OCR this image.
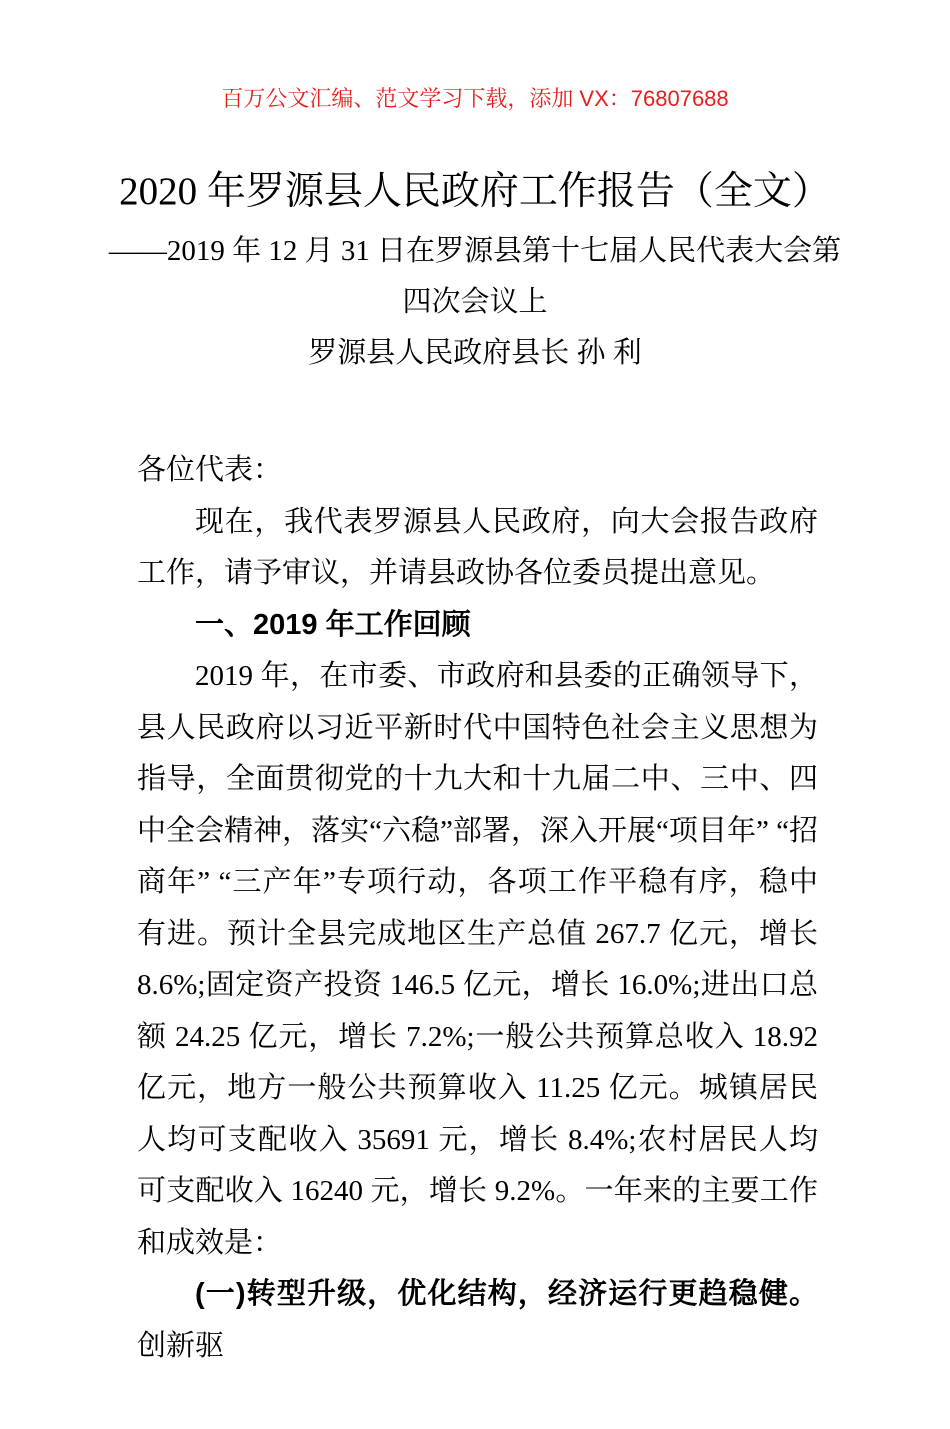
百万公文汇编、范文学习下载，添加 VX：76807688
2020 年罗源县人民政府工作报告（全文）

——2019 年 12 月 31 日在罗源县第十七届人民代表大会第

四次会议上

罗源县人民政府县长 孙 利

各位代表：

现在，我代表罗源县人民政府，向大会报告政府工作，请予审议，并请县政协各位委员提出意见。

一、2019 年工作回顾

2019 年，在市委、市政府和县委的正确领导下，县人民政府以习近平新时代中国特色社会主义思想为指导，全面贯彻党的十九大和十九届二中、三中、四中全会精神，落实“六稳”部署，深入开展“项目年” “招商年” “三产年”专项行动，各项工作平稳有序，稳中有进。预计全县完成地区生产总值 267.7 亿元，增长 8.6%;固定资产投资 146.5 亿元，增长 16.0%;进出口总额 24.25 亿元，增长 7.2%;一般公共预算总收入 18.92 亿元，地方一般公共预算收入 11.25 亿元。城镇居民人均可支配收入 35691 元，增长 8.4%;农村居民人均可支配收入 16240 元，增长 9.2%。一年来的主要工作和成效是：

(一)转型升级，优化结构，经济运行更趋稳健。创新驱
